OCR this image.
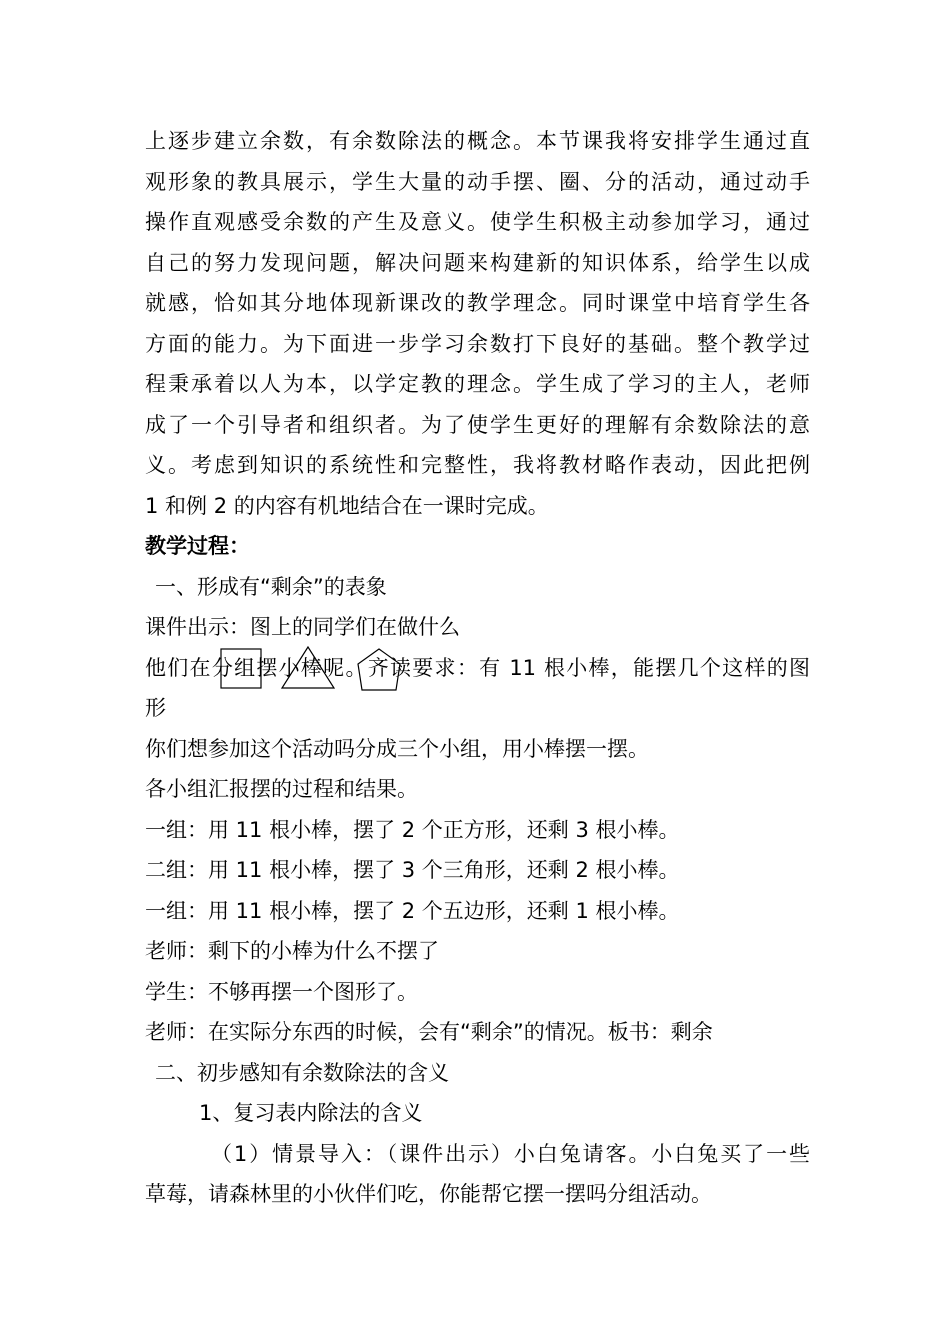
上逐步建立余数，有余数除法的概念。本节课我将安排学生通过直
观形象的教具展示，学生大量的动手摆、圈、分的活动，通过动手
操作直观感受余数的产生及意义。使学生积极主动参加学习，通过
自己的努力发现问题，解决问题来构建新的知识体系，给学生以成
就感，恰如其分地体现新课改的教学理念。同时课堂中培育学生各
方面的能力。为下面进一步学习余数打下良好的基础。整个教学过
程秉承着以人为本，以学定教的理念。学生成了学习的主人，老师
成了一个引导者和组织者。为了使学生更好的理解有余数除法的意
义。考虑到知识的系统性和完整性，我将教材略作表动，因此把例
1 和例 2 的内容有机地结合在一课时完成。
教学过程：
一、形成有“剩余”的表象
课件出示：图上的同学们在做什么
他们在分组摆小棒呢。齐读要求：有 11 根小棒，能摆几个这样的图
形
你们想参加这个活动吗分成三个小组，用小棒摆一摆。
各小组汇报摆的过程和结果。
一组：用 11 根小棒，摆了 2 个正方形，还剩 3 根小棒。
二组：用 11 根小棒，摆了 3 个三角形，还剩 2 根小棒。
一组：用 11 根小棒，摆了 2 个五边形，还剩 1 根小棒。
老师：剩下的小棒为什么不摆了
学生：不够再摆一个图形了。
老师：在实际分东西的时候，会有“剩余”的情况。板书：剩余
二、初步感知有余数除法的含义
1、复习表内除法的含义
（1）情景导入：（课件出示）小白兔请客。小白兔买了一些
草莓，请森林里的小伙伴们吃，你能帮它摆一摆吗分组活动。
